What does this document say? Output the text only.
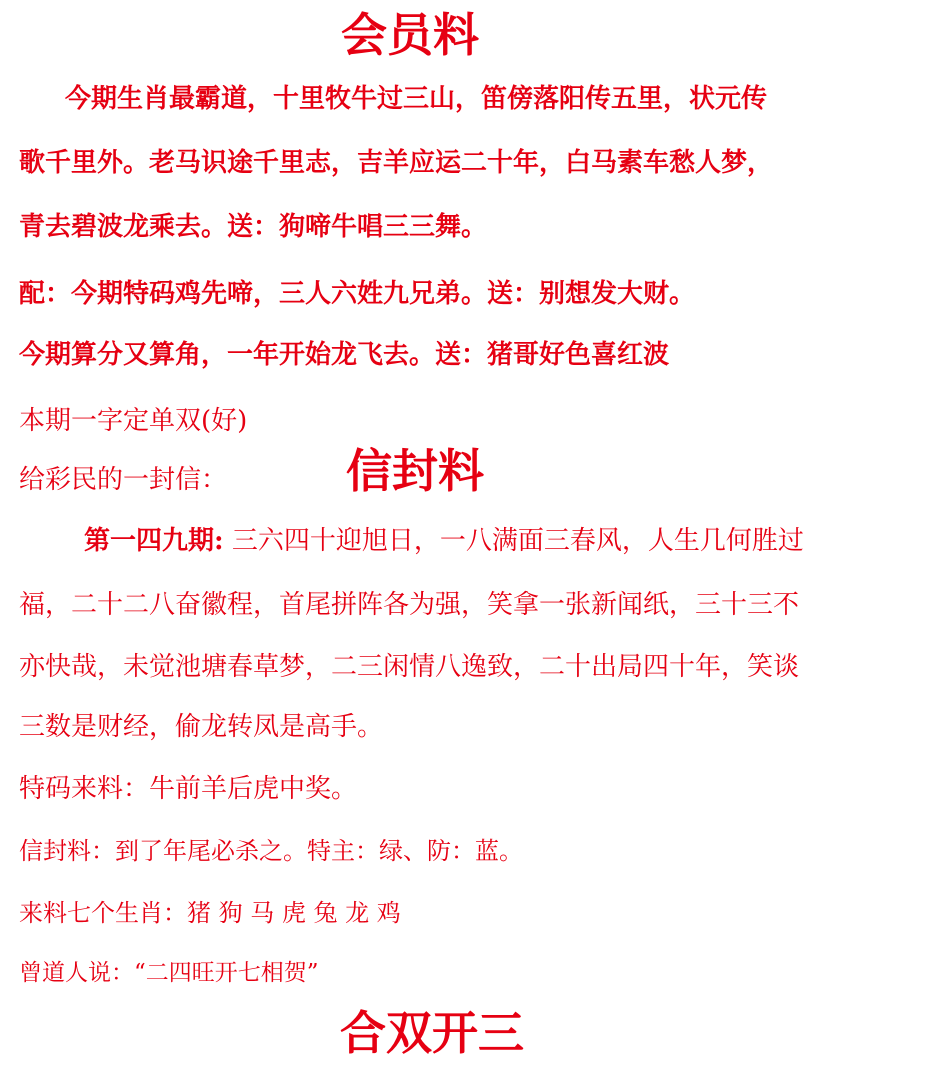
会员料
今期生肖最霸道，十里牧牛过三山，笛傍落阳传五里，状元传
歌千里外。老马识途千里志，吉羊应运二十年，白马素车愁人梦，
青去碧波龙乘去。送：狗啼牛唱三三舞。
配：今期特码鸡先啼，三人六姓九兄弟。送：别想发大财。
今期算分又算角，一年开始龙飞去。送：猪哥好色喜红波
本期一字定单双(好)
给彩民的一封信：	信封料
第一四九期: 三六四十迎旭日，一八满面三春风，人生几何胜过
福，二十二八奋徽程，首尾拼阵各为强，笑拿一张新闻纸，三十三不
亦快哉，未觉池塘春草梦，二三闲情八逸致，二十出局四十年，笑谈
三数是财经，偷龙转凤是高手。
特码来料：牛前羊后虎中奖。
信封料：到了年尾必杀之。特主：绿、防：蓝。
来料七个生肖：猪 狗 马 虎 兔 龙 鸡
曾道人说：“二四旺开七相贺”
合双开三
